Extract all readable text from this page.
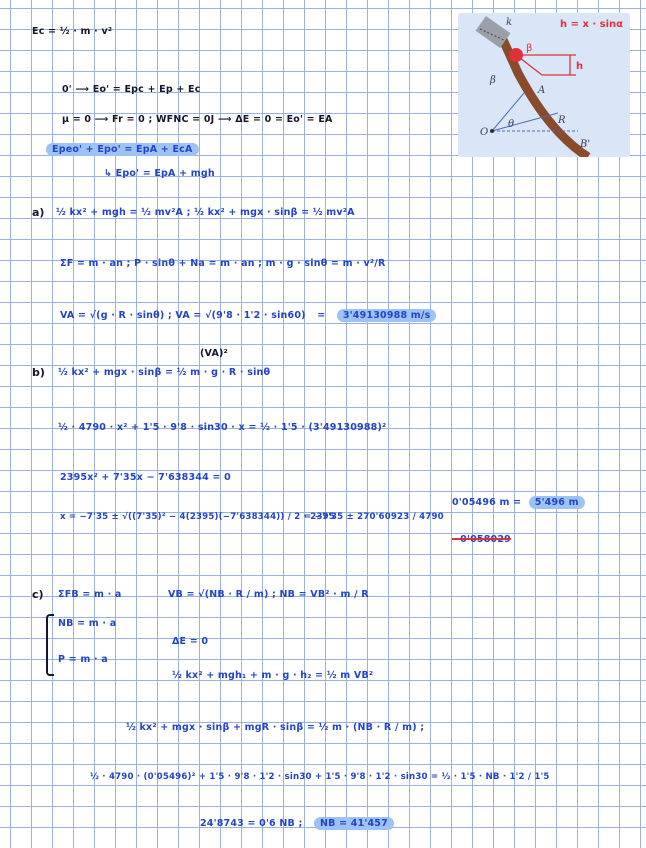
h = x · sinα
k
β
h
β
A
R
O
θ
B'
Ec = ½ · m · v²
0' ⟶ Eo' = Epc + Ep + Ec
μ = 0 ⟶ Fr = 0 ; WFNC = 0J ⟶ ΔE = 0 = Eo' = EA
Epeo' + Epo' = EpA + EcA
↳ Epo' = EpA + mgh
a) ½ kx² + mgh = ½ mv²A ; ½ kx² + mgx · sinβ = ½ mv²A
ΣF = m · an ; P · sinθ + Na = m · an ; m · g · sinθ = m · v²/R
VA = √(g · R · sinθ) ; VA = √(9'8 · 1'2 · sin60) = 3'49130988 m/s
(VA)²
b) ½ kx² + mgx · sinβ = ½ m · g · R · sinθ
½ · 4790 · x² + 1'5 · 9'8 · sin30 · x = ½ · 1'5 · (3'49130988)²
2395x² + 7'35x − 7'638344 = 0
x = −7'35 ± √((7'35)² − 4(2395)(−7'638344)) / 2 · 2395
= −7'35 ± 270'60923 / 4790
0'05496 m = 5'496 m
−0'058029
c) ΣFB = m · a	VB = √(NB · R / m) ; NB = VB² · m / R
NB = m · a
P = m · a
ΔE = 0
½ kx² + mgh₁ + m · g · h₂ = ½ m VB²
½ kx² + mgx · sinβ + mgR · sinβ = ½ m · (NB · R / m) ;
½ · 4790 · (0'05496)² + 1'5 · 9'8 · 1'2 · sin30 + 1'5 · 9'8 · 1'2 · sin30 = ½ · 1'5 · NB · 1'2 / 1'5
24'8743 = 0'6 NB ; NB = 41'457
